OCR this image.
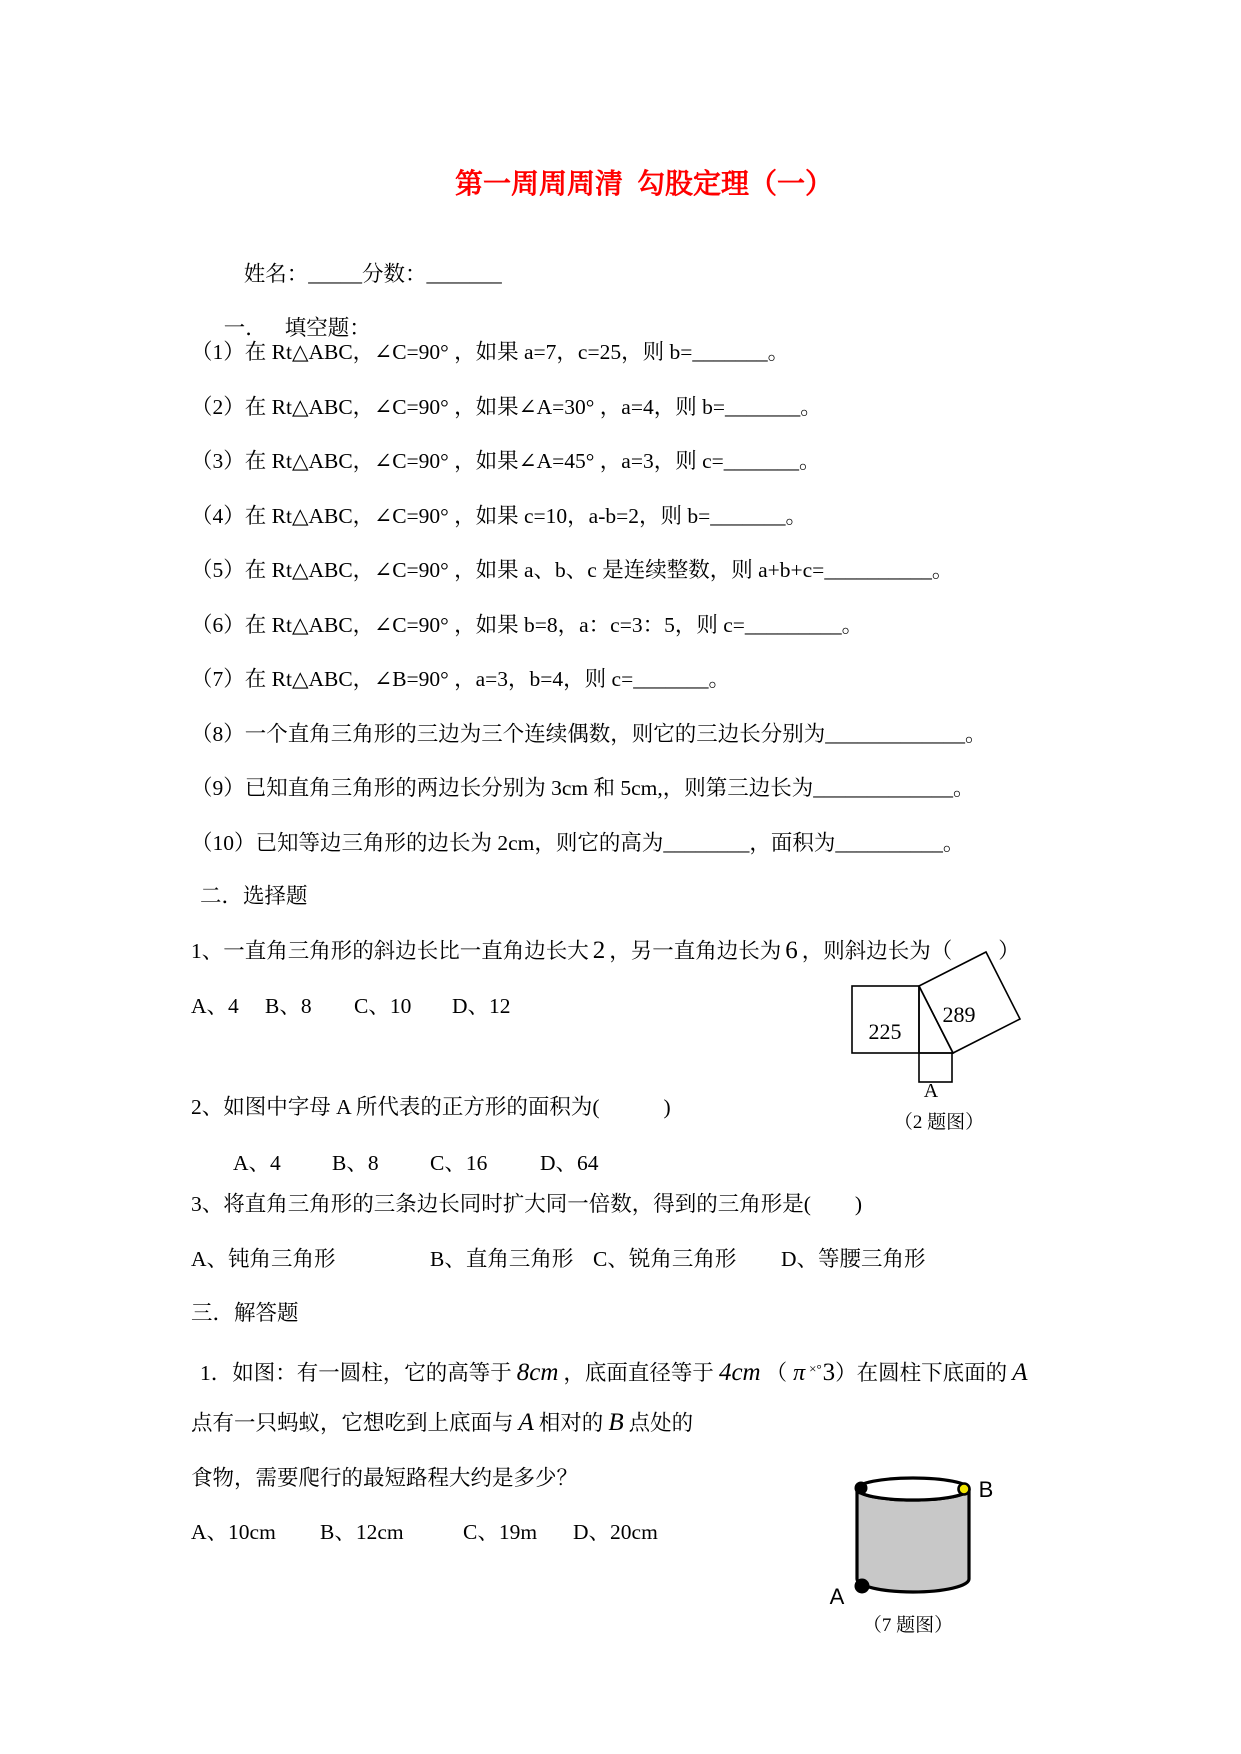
第一周周周清  勾股定理（一）

姓名：_____分数：_______

一． 填空题：

（1）在 Rt△ABC，∠C=90° ，如果 a=7，c=25，则 b=_______。
（2）在 Rt△ABC，∠C=90° ，如果∠A=30° ，a=4，则 b=_______。
（3）在 Rt△ABC，∠C=90° ，如果∠A=45° ，a=3，则 c=_______。
（4）在 Rt△ABC，∠C=90° ，如果 c=10，a-b=2，则 b=_______。
（5）在 Rt△ABC，∠C=90° ，如果 a、b、c 是连续整数，则 a+b+c=__________。
（6）在 Rt△ABC，∠C=90° ，如果 b=8，a：c=3：5，则 c=_________。
（7）在 Rt△ABC，∠B=90° ，a=3，b=4，则 c=_______。
（8）一个直角三角形的三边为三个连续偶数，则它的三边长分别为_____________。
（9）已知直角三角形的两边长分别为 3cm 和 5cm,，则第三边长为_____________。
（10）已知等边三角形的边长为 2cm，则它的高为________，面积为__________。
二．选择题
1、一直角三角形的斜边长比一直角边长大 2 ，另一直角边长为 6 ，则斜边长为（ ）

A、4

B、8

C、10

D、12

225
289
A
（2 题图）
2、如图中字母 A 所代表的正方形的面积为(	)

A、4

B、8

C、16

D、64

3、将直角三角形的三条边长同时扩大同一倍数，得到的三角形是( )

A、钝角三角形

	B、直角三角形

C、锐角三角形

D、等腰三角形

三．解答题
1．如图：有一圆柱，它的高等于 8cm ，底面直径等于 4cm （ π ×°3）在圆柱下底面的 A
点有一只蚂蚁，它想吃到上底面与 A 相对的 B 点处的
食物，需要爬行的最短路程大约是多少？

A、10cm

B、12cm

	C、19m

D、20cm

B
A
（7 题图）
